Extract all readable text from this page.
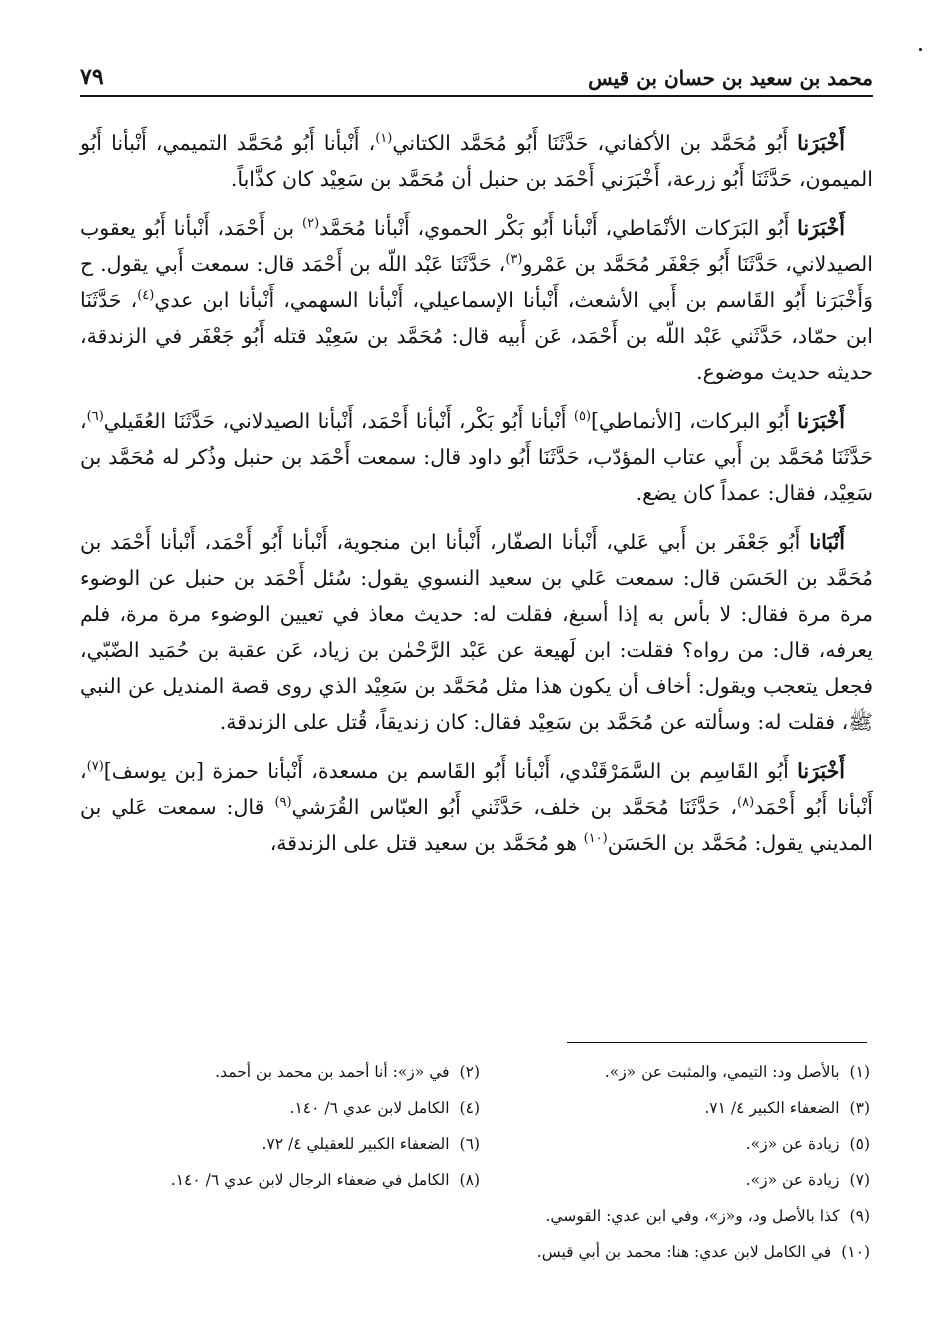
محمد بن سعيد بن حسان بن قيس
٧٩

أَخْبَرَنا أَبُو مُحَمَّد بن الأكفاني، حَدَّثَنَا أَبُو مُحَمَّد الكتاني$^{(١)}$، أَنْبأنا أَبُو مُحَمَّد التميمي، أَنْبأنا أَبُو الميمون، حَدَّثَنَا أَبُو زرعة، أَخْبَرَني أَحْمَد بن حنبل أن مُحَمَّد بن سَعِيْد كان كذَّاباً.

أَخْبَرَنا أَبُو البَرَكات الأنْمَاطي، أَنْبأنا أَبُو بَكْر الحموي، أَنْبأنا مُحَمَّد$^{(٢)}$ بن أَحْمَد، أَنْبأنا أَبُو يعقوب الصيدلاني، حَدَّثَنَا أَبُو جَعْفَر مُحَمَّد بن عَمْرو$^{(٣)}$، حَدَّثَنَا عَبْد اللّه بن أَحْمَد قال: سمعت أَبي يقول. ح وَأَخْبَرَنا أَبُو القَاسم بن أَبي الأشعث، أَنْبأنا الإسماعيلي، أَنْبأنا السهمي، أَنْبأنا ابن عدي$^{(٤)}$، حَدَّثَنَا ابن حمّاد، حَدَّثَني عَبْد اللّه بن أَحْمَد، عَن أَبيه قال: مُحَمَّد بن سَعِيْد قتله أَبُو جَعْفَر في الزندقة، حديثه حديث موضوع.

أَخْبَرَنا أَبُو البركات، [الأنماطي]$^{(٥)}$ أَنْبأنا أَبُو بَكْر، أَنْبأنا أَحْمَد، أَنْبأنا الصيدلاني، حَدَّثَنَا العُقَيلي$^{(٦)}$، حَدَّثَنَا مُحَمَّد بن أَبي عتاب المؤدّب، حَدَّثَنَا أَبُو داود قال: سمعت أَحْمَد بن حنبل وذُكر له مُحَمَّد بن سَعِيْد، فقال: عمداً كان يضع.

أَنْبَانا أَبُو جَعْفَر بن أَبي عَلي، أَنْبأنا الصفّار، أَنْبأنا ابن منجوية، أَنْبأنا أَبُو أَحْمَد، أَنْبأنا أَحْمَد بن مُحَمَّد بن الحَسَن قال: سمعت عَلي بن سعيد النسوي يقول: سُئل أَحْمَد بن حنبل عن الوضوء مرة مرة فقال: لا بأس به إذا أسبغ، فقلت له: حديث معاذ في تعيين الوضوء مرة مرة، فلم يعرفه، قال: من رواه؟ فقلت: ابن لَهيعة عن عَبْد الرَّحْمٰن بن زياد، عَن عقبة بن حُمَيد الضّبّي، فجعل يتعجب ويقول: أخاف أن يكون هذا مثل مُحَمَّد بن سَعِيْد الذي روى قصة المنديل عن النبي ﷺ، فقلت له: وسألته عن مُحَمَّد بن سَعِيْد فقال: كان زنديقاً، قُتل على الزندقة.

أَخْبَرَنا أَبُو القَاسِم بن السَّمَرْقَنْدي، أَنْبأنا أَبُو القَاسم بن مسعدة، أَنْبأنا حمزة [بن يوسف]$^{(٧)}$، أَنْبأنا أَبُو أَحْمَد$^{(٨)}$، حَدَّثَنَا مُحَمَّد بن خلف، حَدَّثَني أَبُو العبّاس القُرَشي$^{(٩)}$ قال: سمعت عَلي بن المديني يقول: مُحَمَّد بن الحَسَن$^{(١٠)}$ هو مُحَمَّد بن سعيد قتل على الزندقة،

(١)بالأصل ود: التيمي، والمثبت عن «ز».
(٢)في «ز»: أنا أحمد بن محمد بن أحمد.
(٣)الضعفاء الكبير ٤/ ٧١.
(٤)الكامل لابن عدي ٦/ ١٤٠.
(٥)زيادة عن «ز».
(٦)الضعفاء الكبير للعقيلي ٤/ ٧٢.
(٧)زيادة عن «ز».
(٨)الكامل في ضعفاء الرجال لابن عدي ٦/ ١٤٠.
(٩)كذا بالأصل ود، و«ز»، وفي ابن عدي: القوسي.
(١٠)في الكامل لابن عدي: هنا: محمد بن أبي قيس.
